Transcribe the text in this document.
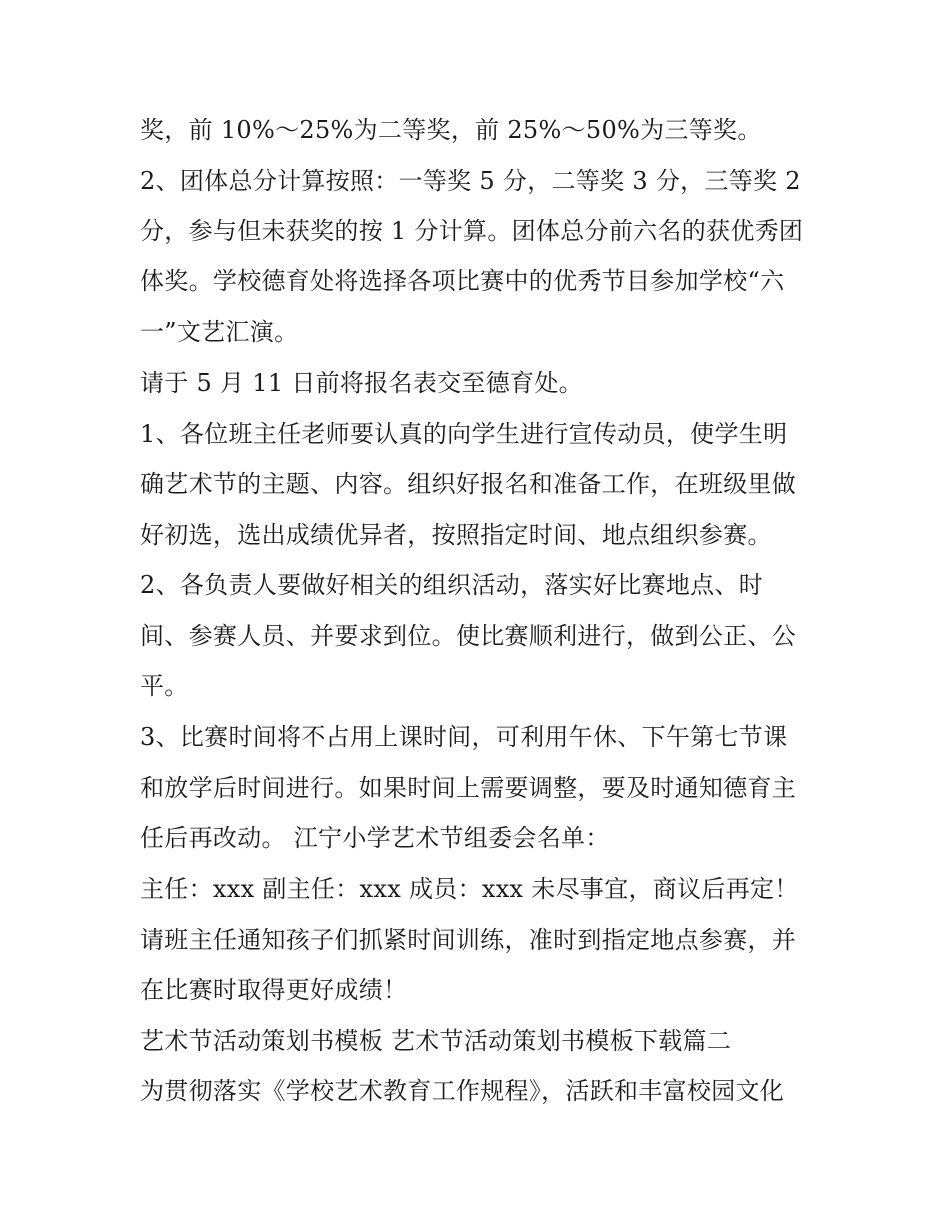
奖，前 10%～25%为二等奖，前 25%～50%为三等奖。
2、团体总分计算按照：一等奖 5 分，二等奖 3 分，三等奖 2
分，参与但未获奖的按 1 分计算。团体总分前六名的获优秀团
体奖。学校德育处将选择各项比赛中的优秀节目参加学校“六
一”文艺汇演。
请于 5 月 11 日前将报名表交至德育处。
1、各位班主任老师要认真的向学生进行宣传动员，使学生明
确艺术节的主题、内容。组织好报名和准备工作，在班级里做
好初选，选出成绩优异者，按照指定时间、地点组织参赛。
2、各负责人要做好相关的组织活动，落实好比赛地点、时
间、参赛人员、并要求到位。使比赛顺利进行，做到公正、公
平。
3、比赛时间将不占用上课时间，可利用午休、下午第七节课
和放学后时间进行。如果时间上需要调整，要及时通知德育主
任后再改动。 江宁小学艺术节组委会名单：
主任：xxx 副主任：xxx 成员：xxx 未尽事宜，商议后再定！
请班主任通知孩子们抓紧时间训练，准时到指定地点参赛，并
在比赛时取得更好成绩！
艺术节活动策划书模板 艺术节活动策划书模板下载篇二
为贯彻落实《学校艺术教育工作规程》，活跃和丰富校园文化
